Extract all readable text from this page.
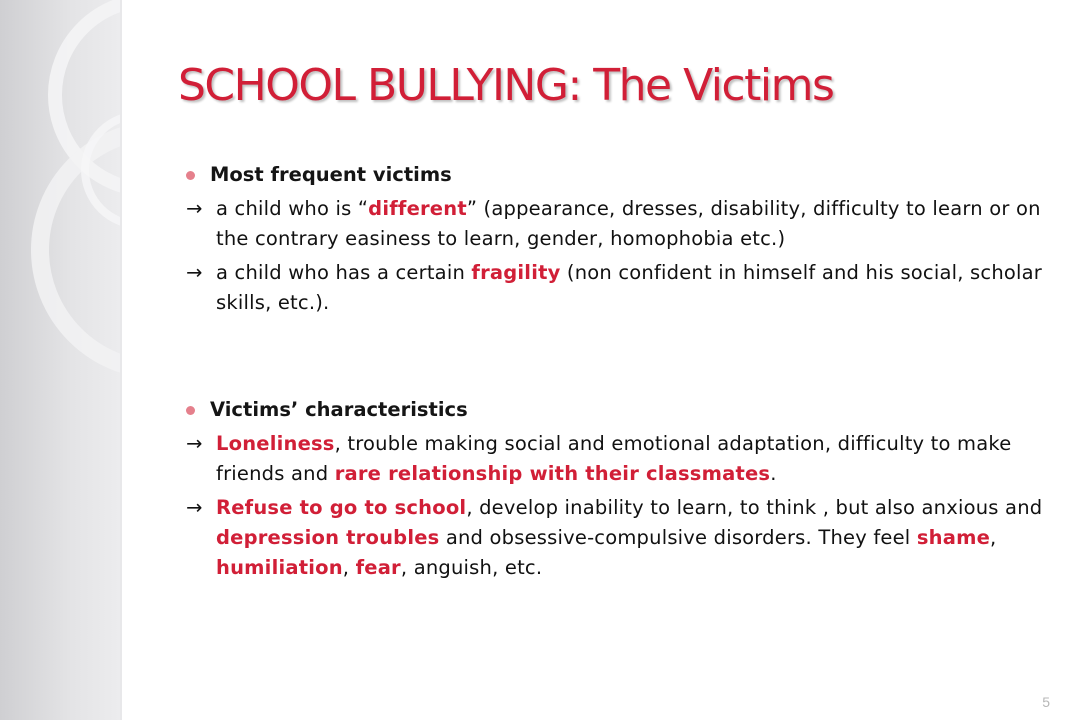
SCHOOL BULLYING: The Victims

Most frequent victims

→ a child who is “different” (appearance, dresses, disability, difficulty to learn or on the contrary easiness to learn, gender, homophobia etc.)

→ a child who has a certain fragility (non confident in himself and his social, scholar skills, etc.).

Victims’ characteristics

→ Loneliness, trouble making social and emotional adaptation, difficulty to make friends and rare relationship with their classmates.

→ Refuse to go to school, develop inability to learn, to think , but also anxious and depression troubles and obsessive-compulsive disorders. They feel shame, humiliation, fear, anguish, etc.

5
